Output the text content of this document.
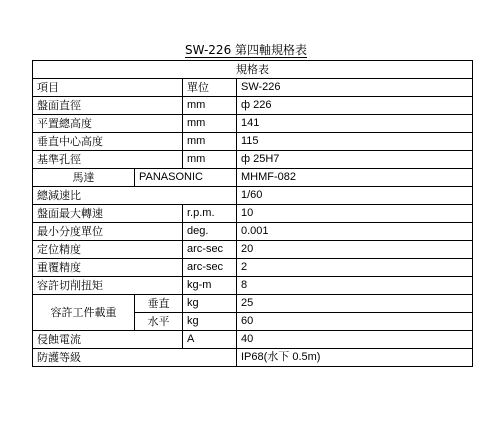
SW-226 第四軸規格表
規格表			
項目		單位	SW-226
盤面直徑		mm	ф 226
平置總高度		mm	141
垂直中心高度		mm	115
基準孔徑		mm	ф 25H7
馬達	PANASONIC		MHMF-082
總減速比			1/60
盤面最大轉速		r.p.m.	10
最小分度單位		deg.	0.001
定位精度		arc-sec	20
重覆精度		arc-sec	2
容許切削扭矩		kg-m	8
容許工件載重	垂直	kg	25
	水平	kg	60
侵蝕電流		A	40
防護等級			IP68(水下 0.5m)
